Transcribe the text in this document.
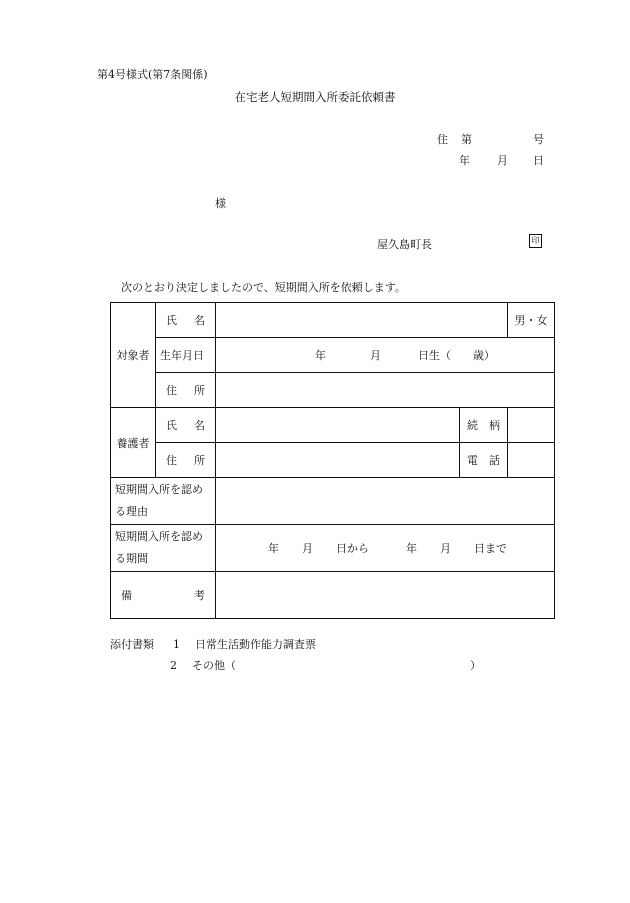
第4号様式(第7条関係)
在宅老人短期間入所委託依頼書
住 第	号
年 月 日
様
屋久島町長	印
次のとおり決定しましたので、短期間入所を依頼します。
対象者	氏 名			男・女
	生年月日	年 月 日生（　　歳）		

	住 所			

養護者	氏 名		続　柄	

	住 所		電　話	

短期間入所を認め
る理由				

短期間入所を認め
る期間		年 月 日から 年 月 日まで		

備 考				

添付書類 1 日常生活動作能力調査票
2 その他（	）
